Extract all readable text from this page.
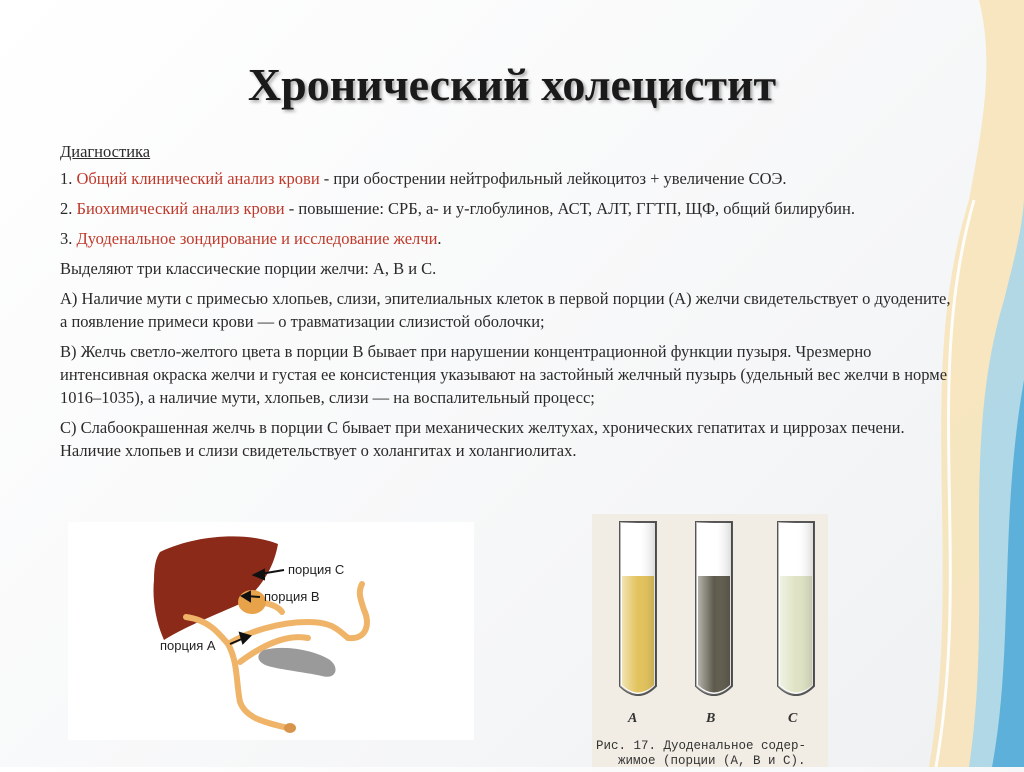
Хронический холецистит

Диагностика

1. Общий клинический анализ крови - при обострении нейтрофильный лейкоцитоз + увеличение СОЭ.

2. Биохимический анализ крови - повышение: СРБ, а- и у-глобулинов, АСТ, АЛТ, ГГТП, ЩФ, общий билирубин.

3. Дуоденальное зондирование и исследование желчи.

Выделяют три классические порции желчи: А, В и С.

А) Наличие мути с примесью хлопьев, слизи, эпителиальных клеток в первой порции (А) желчи свидетельствует о дуодените, а появление примеси крови — о травматизации слизистой оболочки;

В) Желчь светло-желтого цвета в порции В бывает при нарушении концентрационной функции пузыря. Чрезмерно интенсивная окраска желчи и густая ее консистенция указывают на застойный желчный пузырь (удельный вес желчи в норме 1016–1035), а наличие мути, хлопьев, слизи — на воспалительный процесс;

С) Слабоокрашенная желчь в порции С бывает при механических желтухах, хронических гепатитах и циррозах печени. Наличие хлопьев и слизи свидетельствует о холангитах и холангиолитах.

порция С
порция В
порция А
А	В	С
Рис. 17. Дуоденальное содер-
жимое (порции (А, В и С).
